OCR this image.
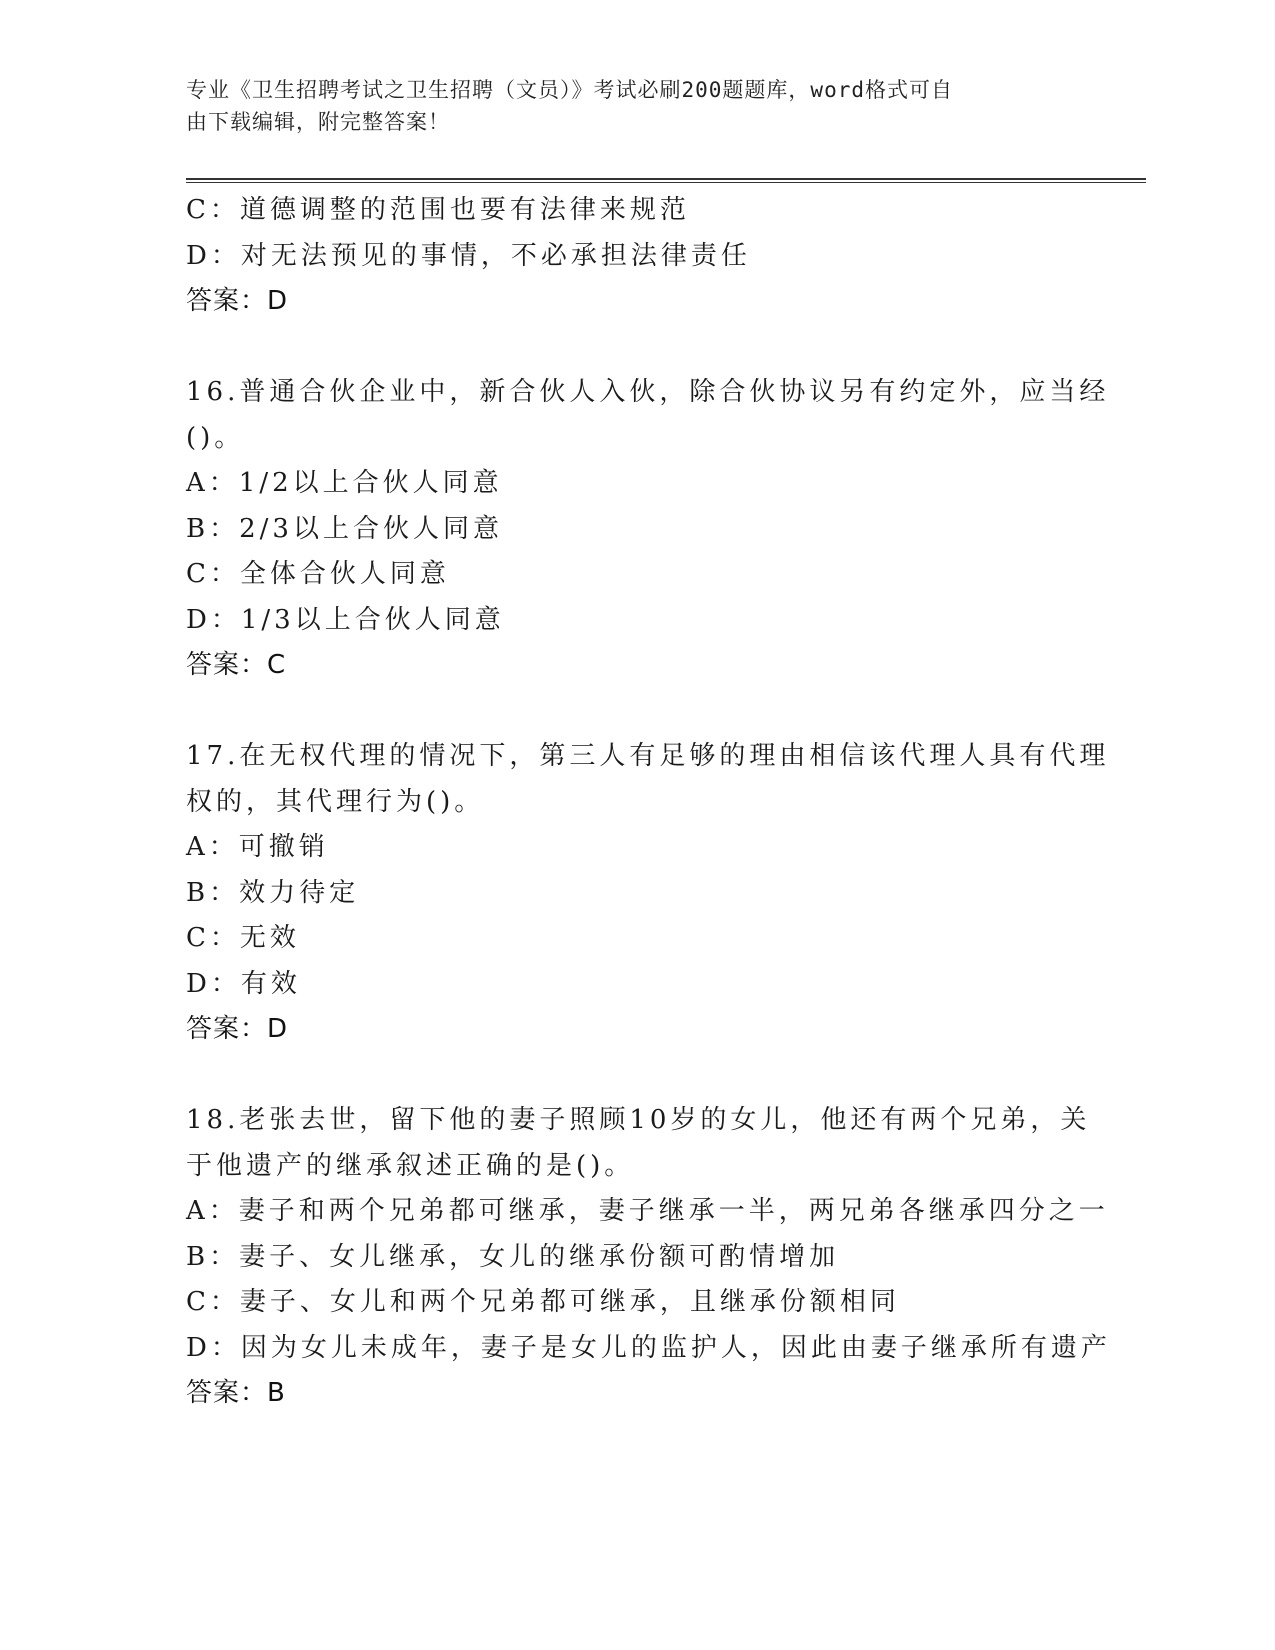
专业《卫生招聘考试之卫生招聘（文员）》考试必刷200题题库，word格式可自
由下载编辑，附完整答案！
C：道德调整的范围也要有法律来规范
D：对无法预见的事情，不必承担法律责任
答案：D
16.普通合伙企业中，新合伙人入伙，除合伙协议另有约定外，应当经
()。
A：1/2以上合伙人同意
B：2/3以上合伙人同意
C：全体合伙人同意
D：1/3以上合伙人同意
答案：C
17.在无权代理的情况下，第三人有足够的理由相信该代理人具有代理
权的，其代理行为()。
A：可撤销
B：效力待定
C：无效
D：有效
答案：D
18.老张去世，留下他的妻子照顾10岁的女儿，他还有两个兄弟，关
于他遗产的继承叙述正确的是()。
A：妻子和两个兄弟都可继承，妻子继承一半，两兄弟各继承四分之一
B：妻子、女儿继承，女儿的继承份额可酌情增加
C：妻子、女儿和两个兄弟都可继承，且继承份额相同
D：因为女儿未成年，妻子是女儿的监护人，因此由妻子继承所有遗产
答案：B
